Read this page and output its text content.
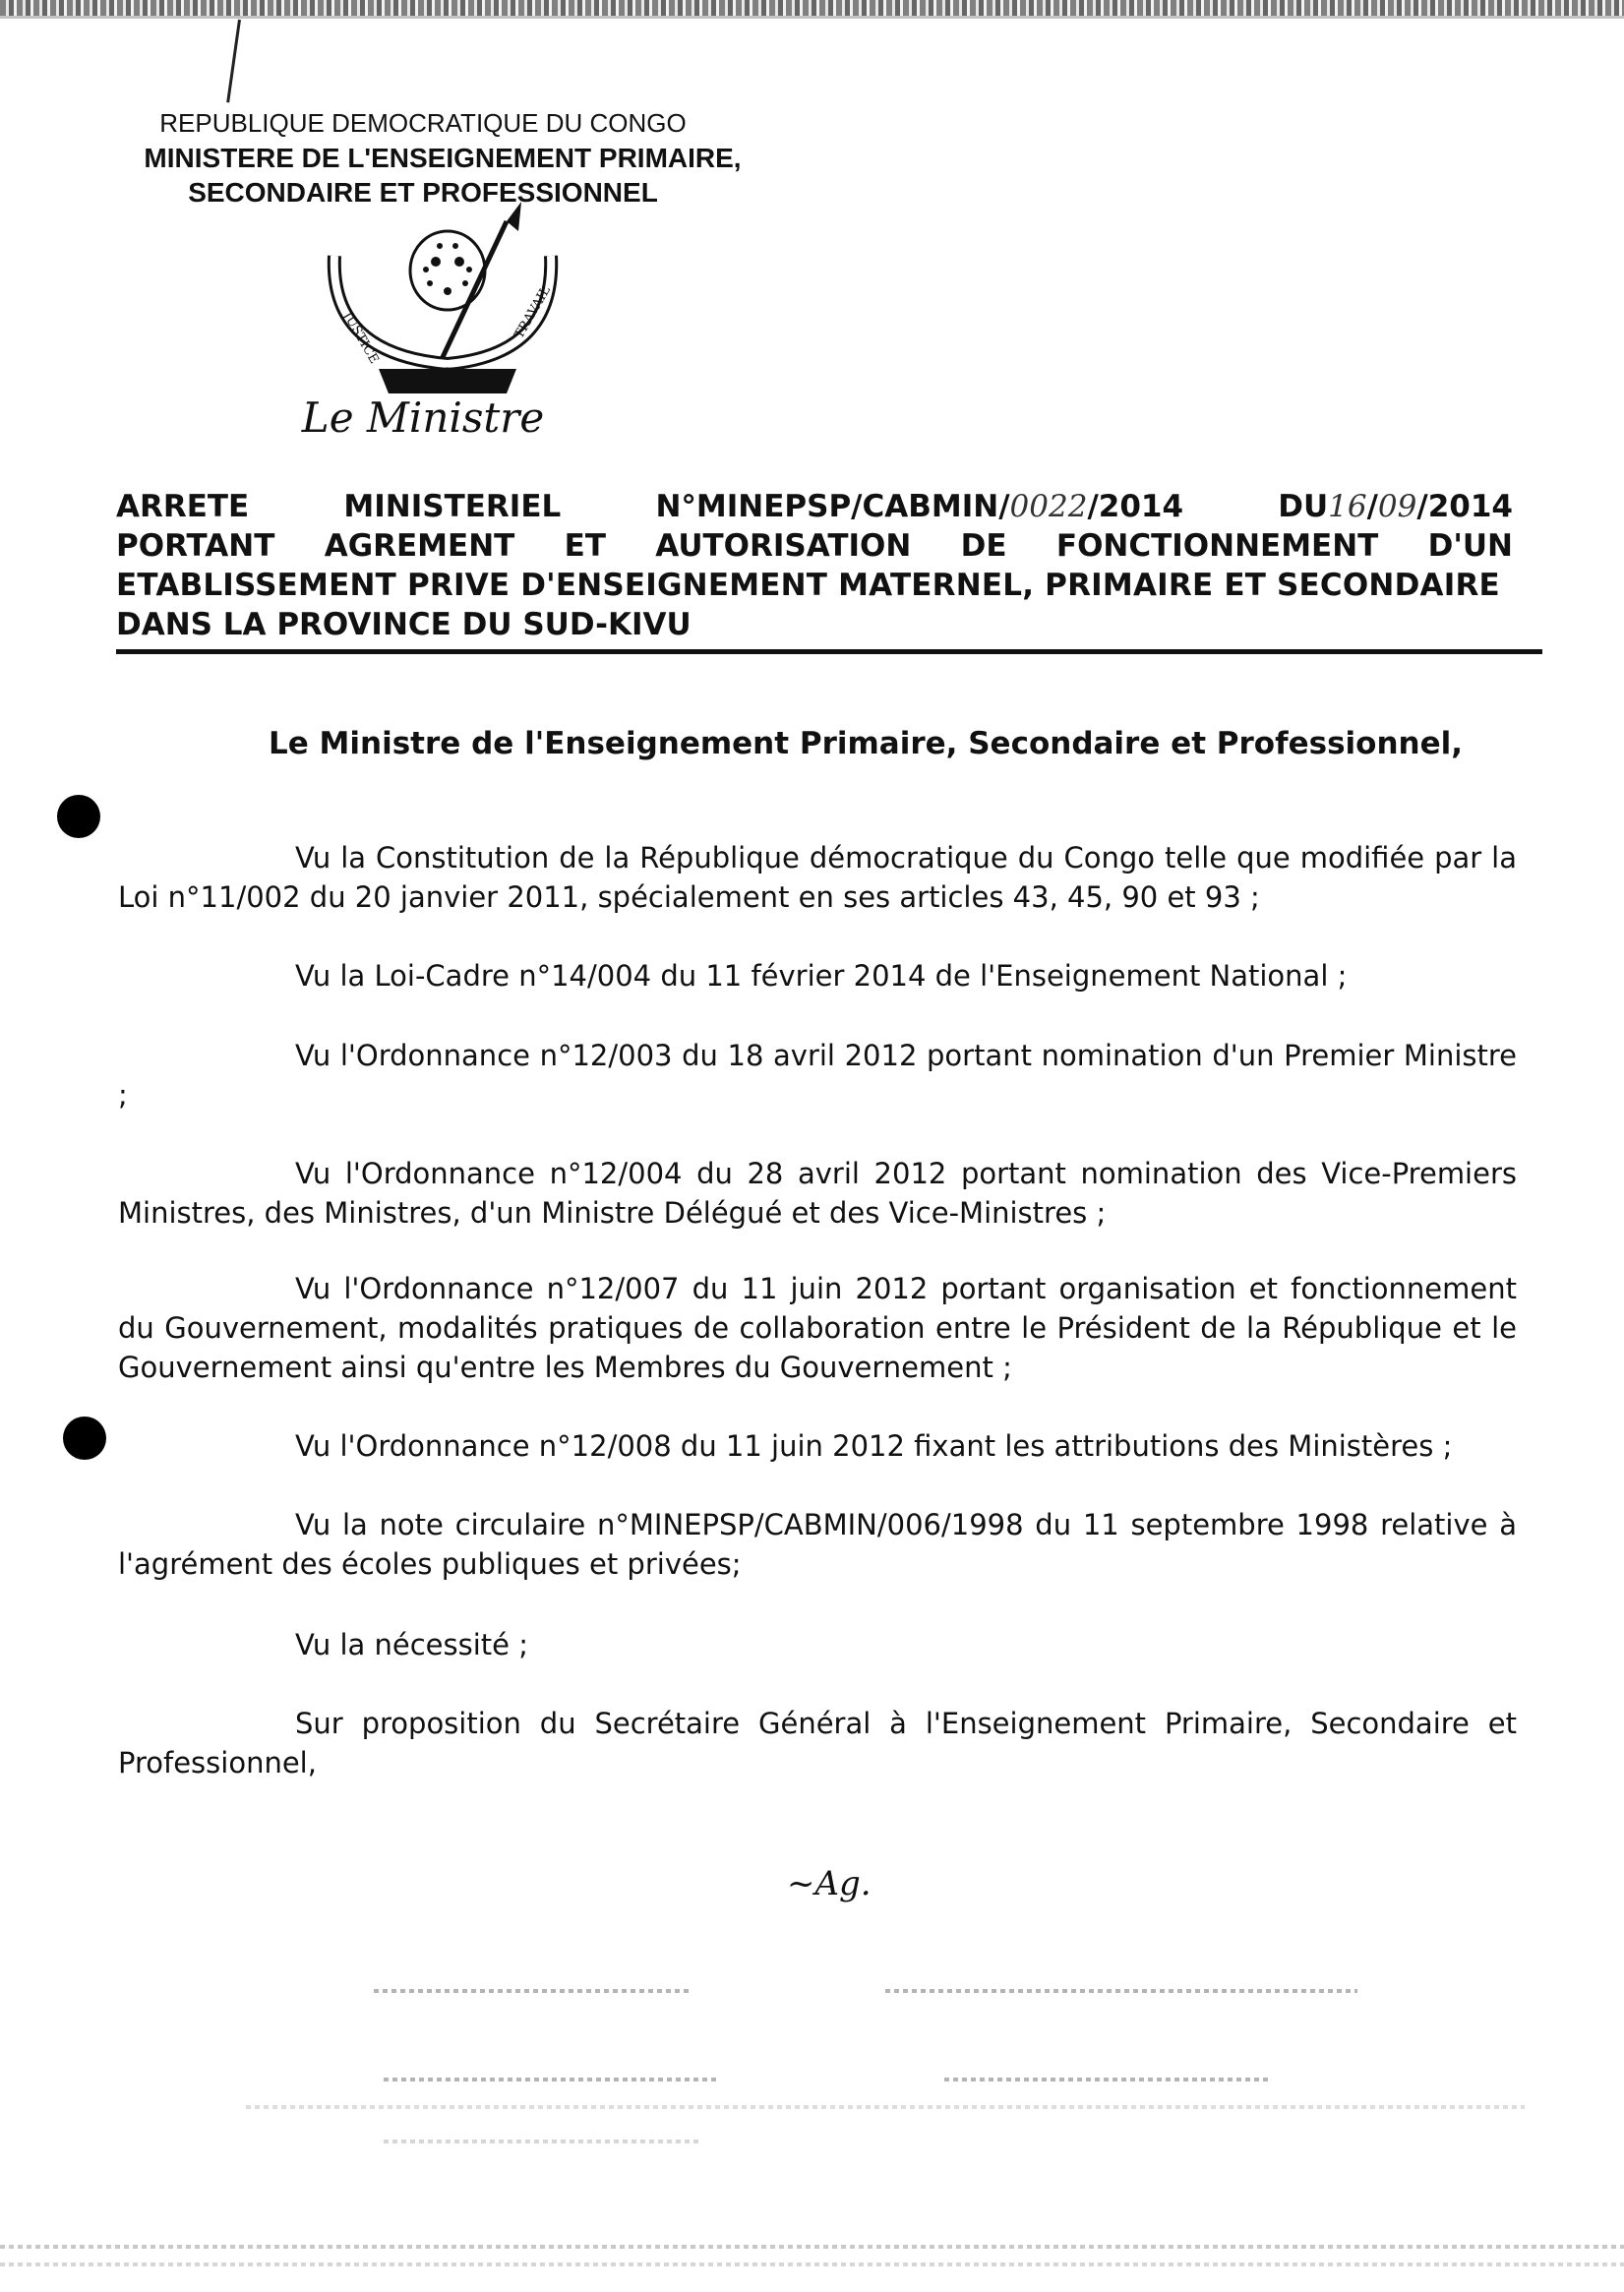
REPUBLIQUE DEMOCRATIQUE DU CONGO
MINISTERE DE L'ENSEIGNEMENT PRIMAIRE,
SECONDAIRE ET PROFESSIONNEL
JUSTICE	TRAVAIL
Le Ministre
ARRETE	MINISTERIEL	N°MINEPSP/CABMIN/0022/2014	DU16/09/2014
PORTANT AGREMENT ET AUTORISATION DE FONCTIONNEMENT D'UN
ETABLISSEMENT PRIVE D'ENSEIGNEMENT MATERNEL, PRIMAIRE ET SECONDAIRE
DANS LA PROVINCE DU SUD-KIVU
Le Ministre de l'Enseignement Primaire, Secondaire et Professionnel,

Vu la Constitution de la République démocratique du Congo telle que modifiée par la Loi n°11/002 du 20 janvier 2011, spécialement en ses articles 43, 45, 90 et 93 ;

Vu la Loi-Cadre n°14/004 du 11 février 2014 de l'Enseignement National ;

Vu l'Ordonnance n°12/003 du 18 avril 2012 portant nomination d'un Premier Ministre ;

Vu l'Ordonnance n°12/004 du 28 avril 2012 portant nomination des Vice-Premiers Ministres, des Ministres, d'un Ministre Délégué et des Vice-Ministres ;

Vu l'Ordonnance n°12/007 du 11 juin 2012 portant organisation et fonctionnement du Gouvernement, modalités pratiques de collaboration entre le Président de la République et le Gouvernement ainsi qu'entre les Membres du Gouvernement ;

Vu l'Ordonnance n°12/008 du 11 juin 2012 fixant les attributions des Ministères ;

Vu la note circulaire n°MINEPSP/CABMIN/006/1998 du 11 septembre 1998 relative à l'agrément des écoles publiques et privées;

Vu la nécessité ;

Sur proposition du Secrétaire Général à l'Enseignement Primaire, Secondaire et Professionnel,

~Ag.
